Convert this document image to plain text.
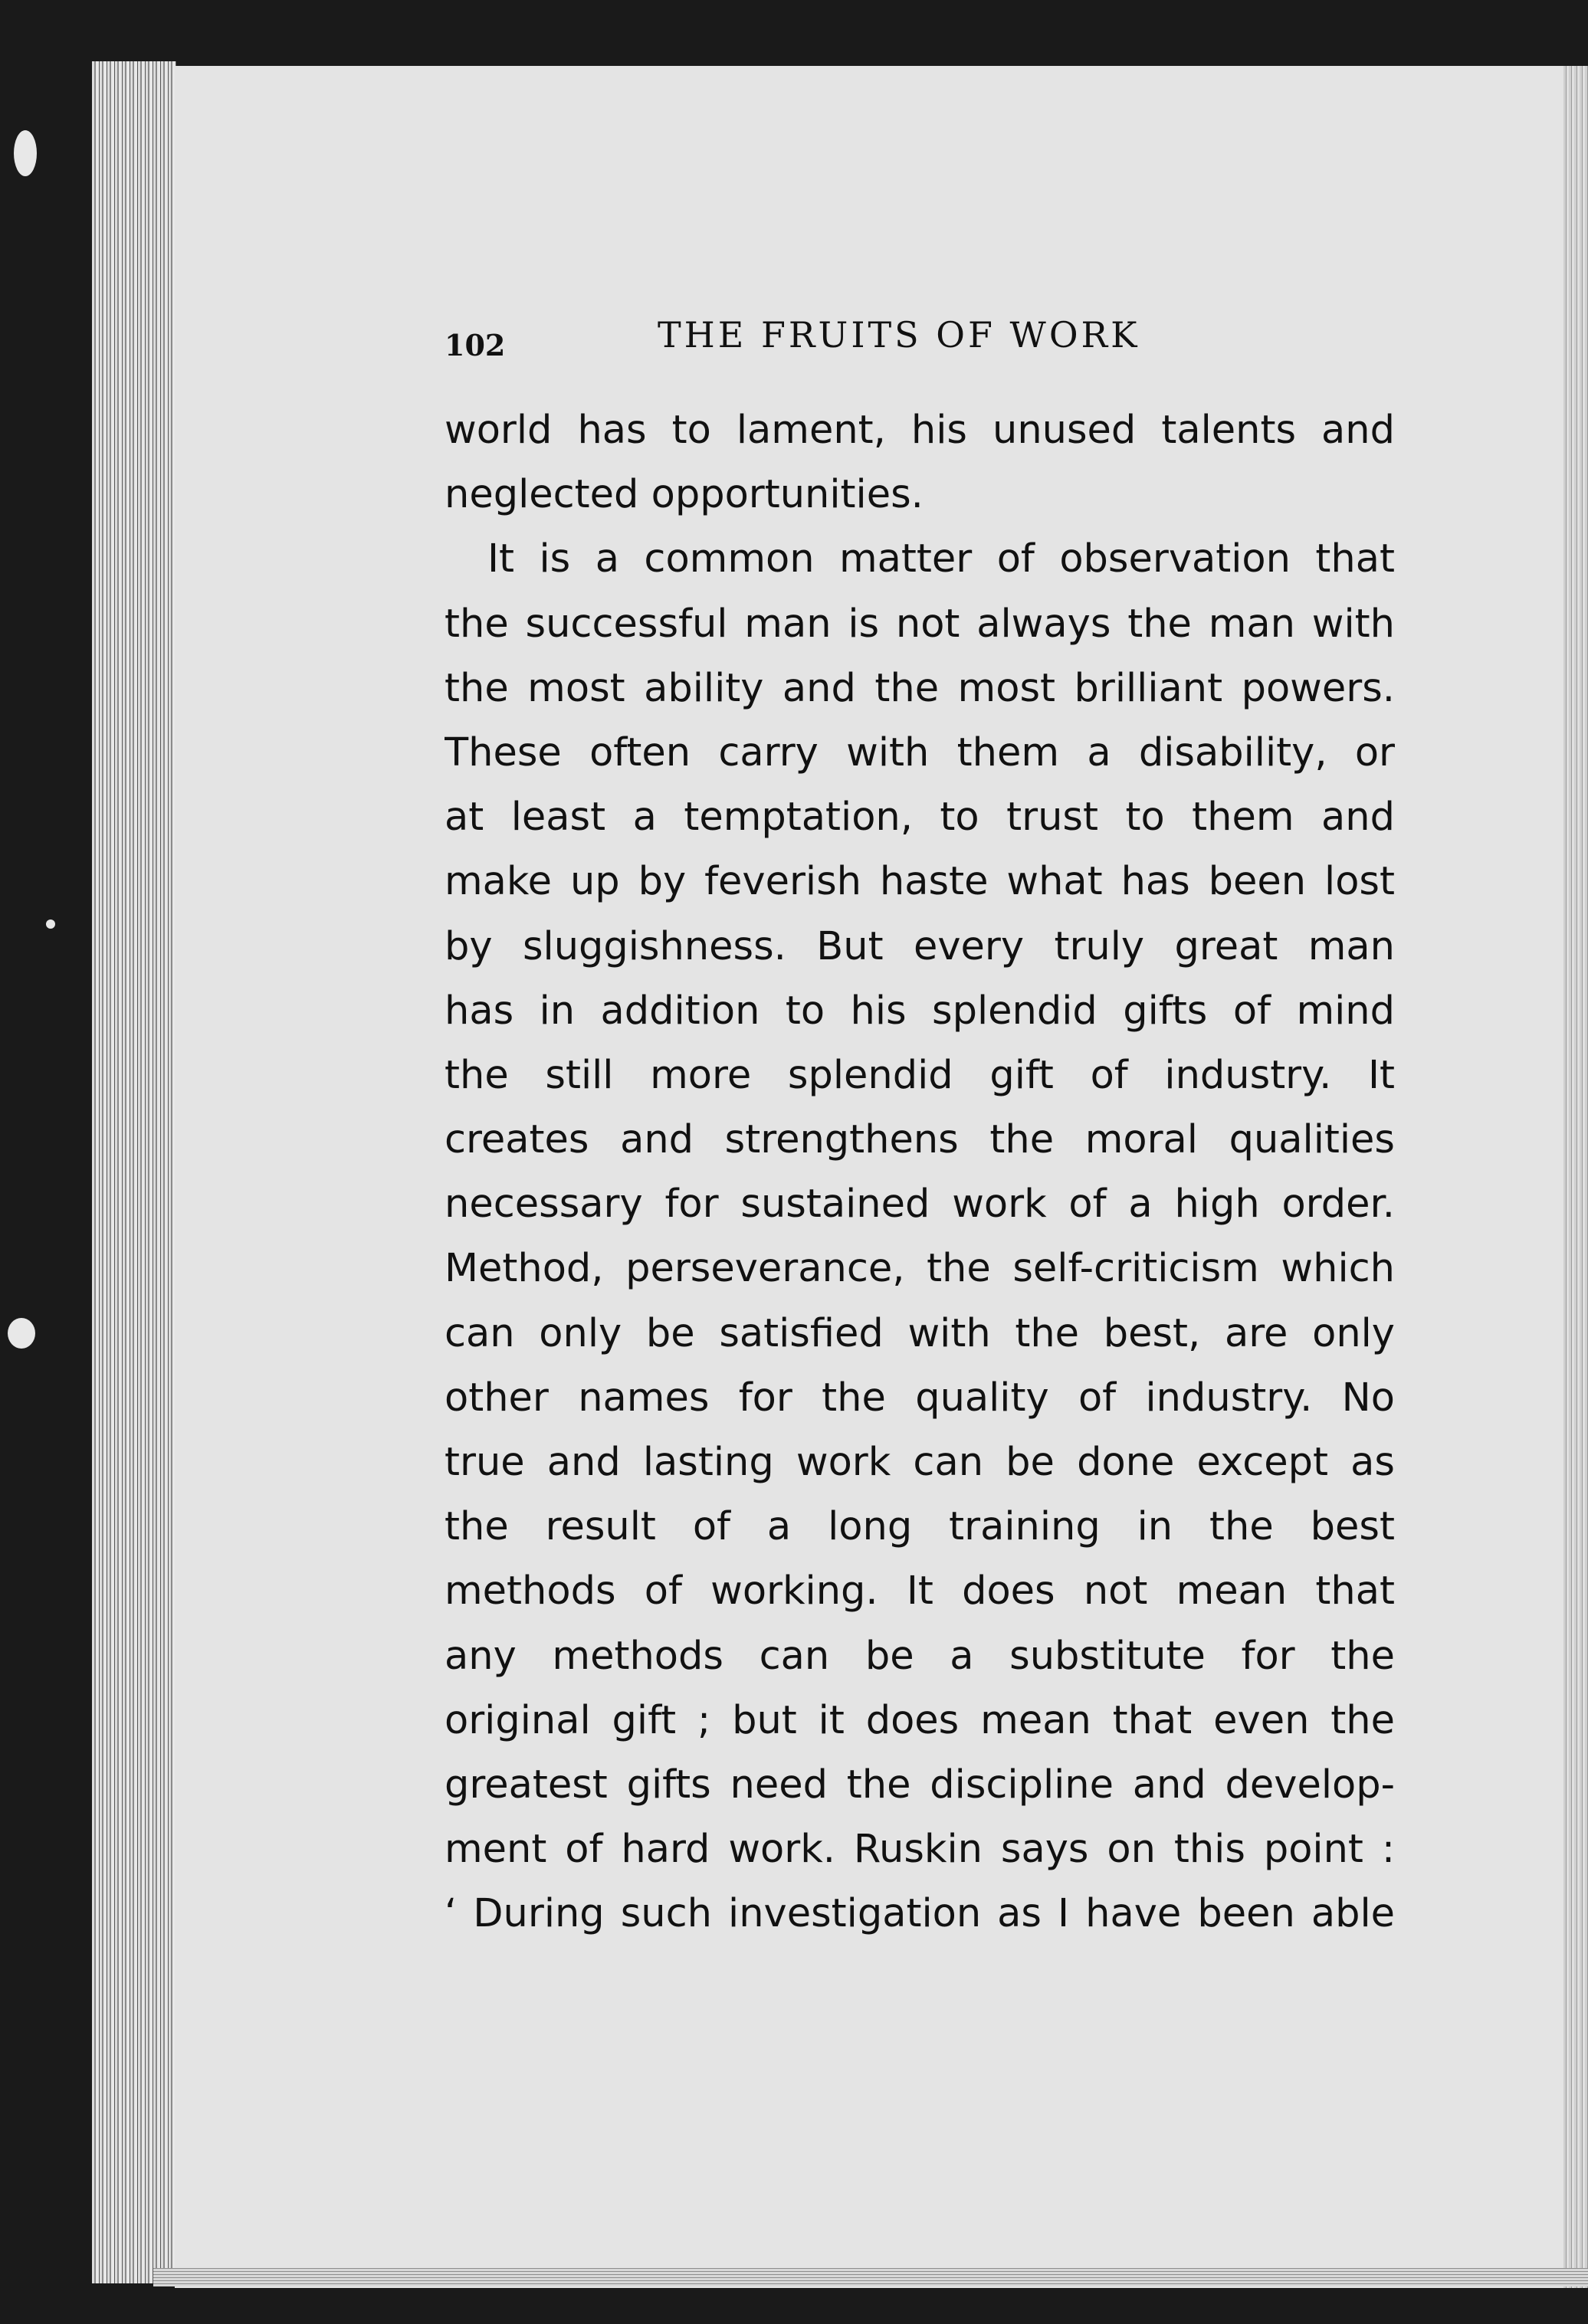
102	THE FRUITS OF WORK
world has to lament, his unused talents and
neglected opportunities.
It is a common matter of observation that
the successful man is not always the man with
the most ability and the most brilliant powers.
These often carry with them a disability, or
at least a temptation, to trust to them and
make up by feverish haste what has been lost
by sluggishness. But every truly great man
has in addition to his splendid gifts of mind
the still more splendid gift of industry. It
creates and strengthens the moral qualities
necessary for sustained work of a high order.
Method, perseverance, the self-criticism which
can only be satisfied with the best, are only
other names for the quality of industry. No
true and lasting work can be done except as
the result of a long training in the best
methods of working. It does not mean that
any methods can be a substitute for the
original gift ; but it does mean that even the
greatest gifts need the discipline and develop-
ment of hard work. Ruskin says on this point :
‘ During such investigation as I have been able
